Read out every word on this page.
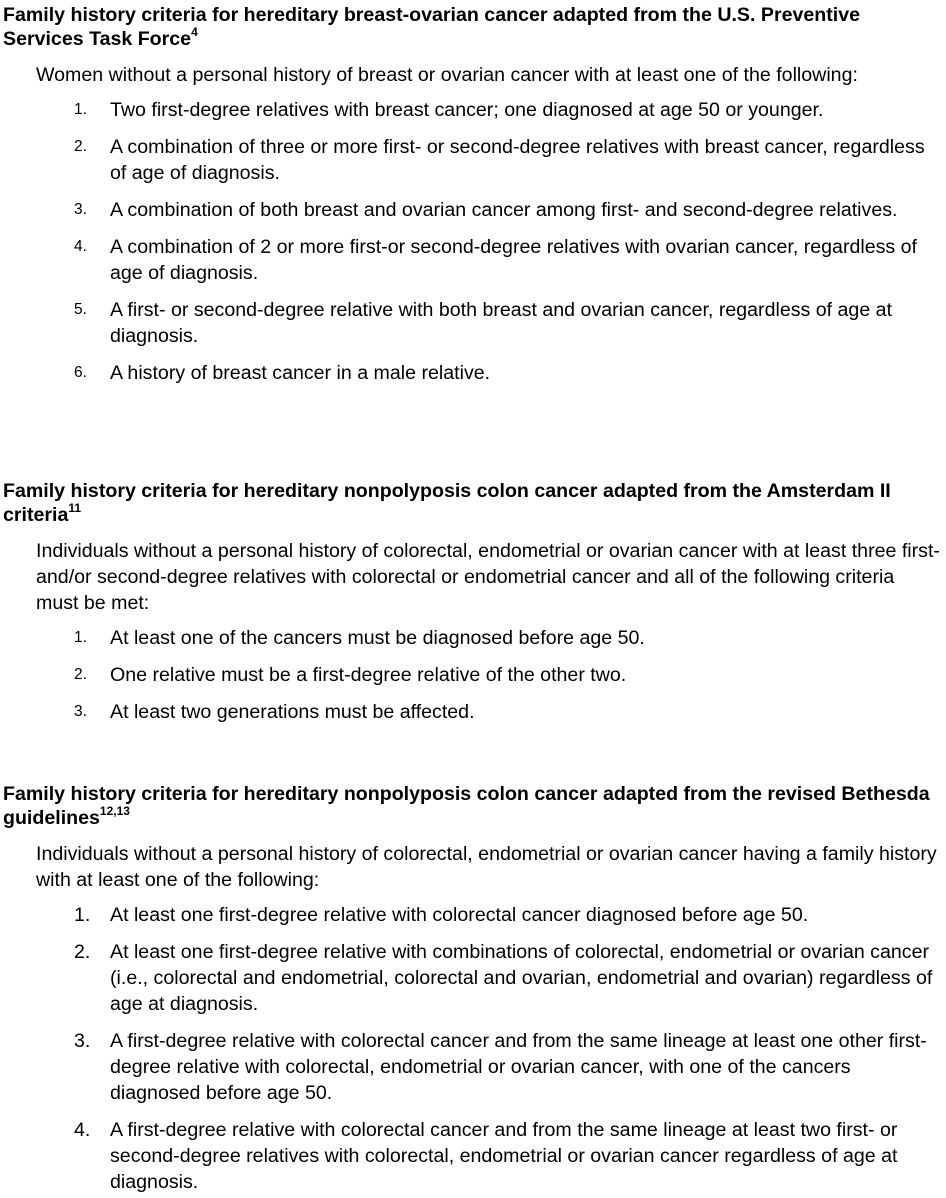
Family history criteria for hereditary breast-ovarian cancer adapted from the U.S. Preventive Services Task Force$^4$

Women without a personal history of breast or ovarian cancer with at least one of the following:

1.	Two first-degree relatives with breast cancer; one diagnosed at age 50 or younger.
2.	A combination of three or more first- or second-degree relatives with breast cancer, regardless of age of diagnosis.
3.	A combination of both breast and ovarian cancer among first- and second-degree relatives.
4.	A combination of 2 or more first-or second-degree relatives with ovarian cancer, regardless of age of diagnosis.
5.	A first- or second-degree relative with both breast and ovarian cancer, regardless of age at diagnosis.
6.	A history of breast cancer in a male relative.
Family history criteria for hereditary nonpolyposis colon cancer adapted from the Amsterdam II criteria$^{11}$

Individuals without a personal history of colorectal, endometrial or ovarian cancer with at least three first- and/or second-degree relatives with colorectal or endometrial cancer and all of the following criteria must be met:

1.	At least one of the cancers must be diagnosed before age 50.
2.	One relative must be a first-degree relative of the other two.
3.	At least two generations must be affected.
Family history criteria for hereditary nonpolyposis colon cancer adapted from the revised Bethesda guidelines$^{12,13}$

Individuals without a personal history of colorectal, endometrial or ovarian cancer having a family history with at least one of the following:

1.	At least one first-degree relative with colorectal cancer diagnosed before age 50.
2.	At least one first-degree relative with combinations of colorectal, endometrial or ovarian cancer (i.e., colorectal and endometrial, colorectal and ovarian, endometrial and ovarian) regardless of age at diagnosis.
3.	A first-degree relative with colorectal cancer and from the same lineage at least one other first-degree relative with colorectal, endometrial or ovarian cancer, with one of the cancers diagnosed before age 50.
4.	A first-degree relative with colorectal cancer and from the same lineage at least two first- or second-degree relatives with colorectal, endometrial or ovarian cancer regardless of age at diagnosis.
